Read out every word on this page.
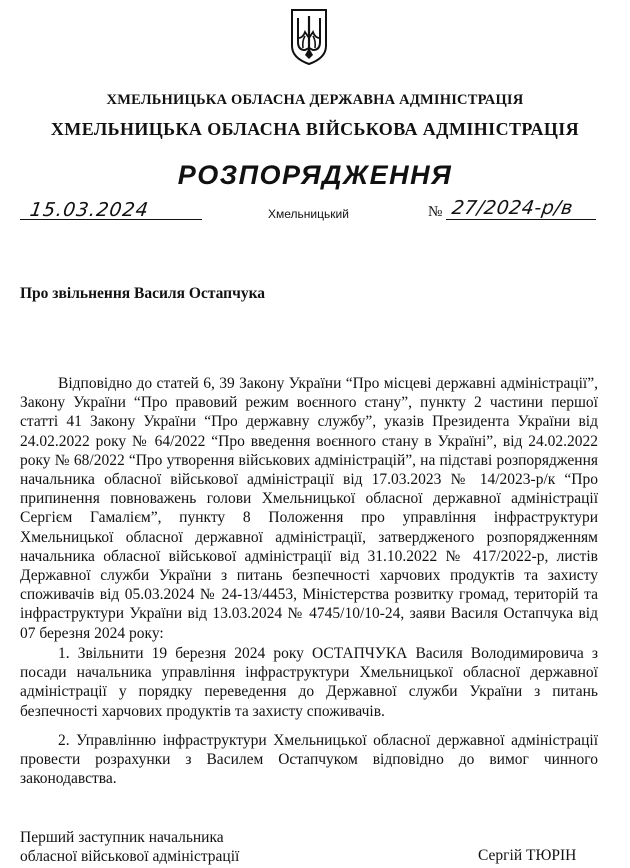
ХМЕЛЬНИЦЬКА ОБЛАСНА ДЕРЖАВНА АДМІНІСТРАЦІЯ
ХМЕЛЬНИЦЬКА ОБЛАСНА ВІЙСЬКОВА АДМІНІСТРАЦІЯ
РОЗПОРЯДЖЕННЯ
15.03.2024	Хмельницький	№ 27/2024-р/в
Про звільнення Василя Остапчука

Відповідно до статей 6, 39 Закону України “Про місцеві державні адміністрації”, Закону України “Про правовий режим воєнного стану”, пункту 2 частини першої статті 41 Закону України “Про державну службу”, указів Президента України від 24.02.2022 року № 64/2022 “Про введення воєнного стану в Україні”, від 24.02.2022 року № 68/2022 “Про утворення військових адміністрацій”, на підставі розпорядження начальника обласної військової адміністрації від 17.03.2023 № 14/2023-р/к “Про припинення повноважень голови Хмельницької обласної державної адміністрації Сергієм Гамалієм”, пункту 8 Положення про управління інфраструктури Хмельницької обласної державної адміністрації, затвердженого розпорядженням начальника обласної військової адміністрації від 31.10.2022 № 417/2022-р, листів Державної служби України з питань безпечності харчових продуктів та захисту споживачів від 05.03.2024 № 24-13/4453, Міністерства розвитку громад, територій та інфраструктури України від 13.03.2024 № 4745/10/10-24, заяви Василя Остапчука від 07 березня 2024 року:

1. Звільнити 19 березня 2024 року ОСТАПЧУКА Василя Володимировича з посади начальника управління інфраструктури Хмельницької обласної державної адміністрації у порядку переведення до Державної служби України з питань безпечності харчових продуктів та захисту споживачів.

2. Управлінню інфраструктури Хмельницької обласної державної адміністрації провести розрахунки з Василем Остапчуком відповідно до вимог чинного законодавства.

Перший заступник начальника
обласної військової адміністрації	Сергій ТЮРІН
